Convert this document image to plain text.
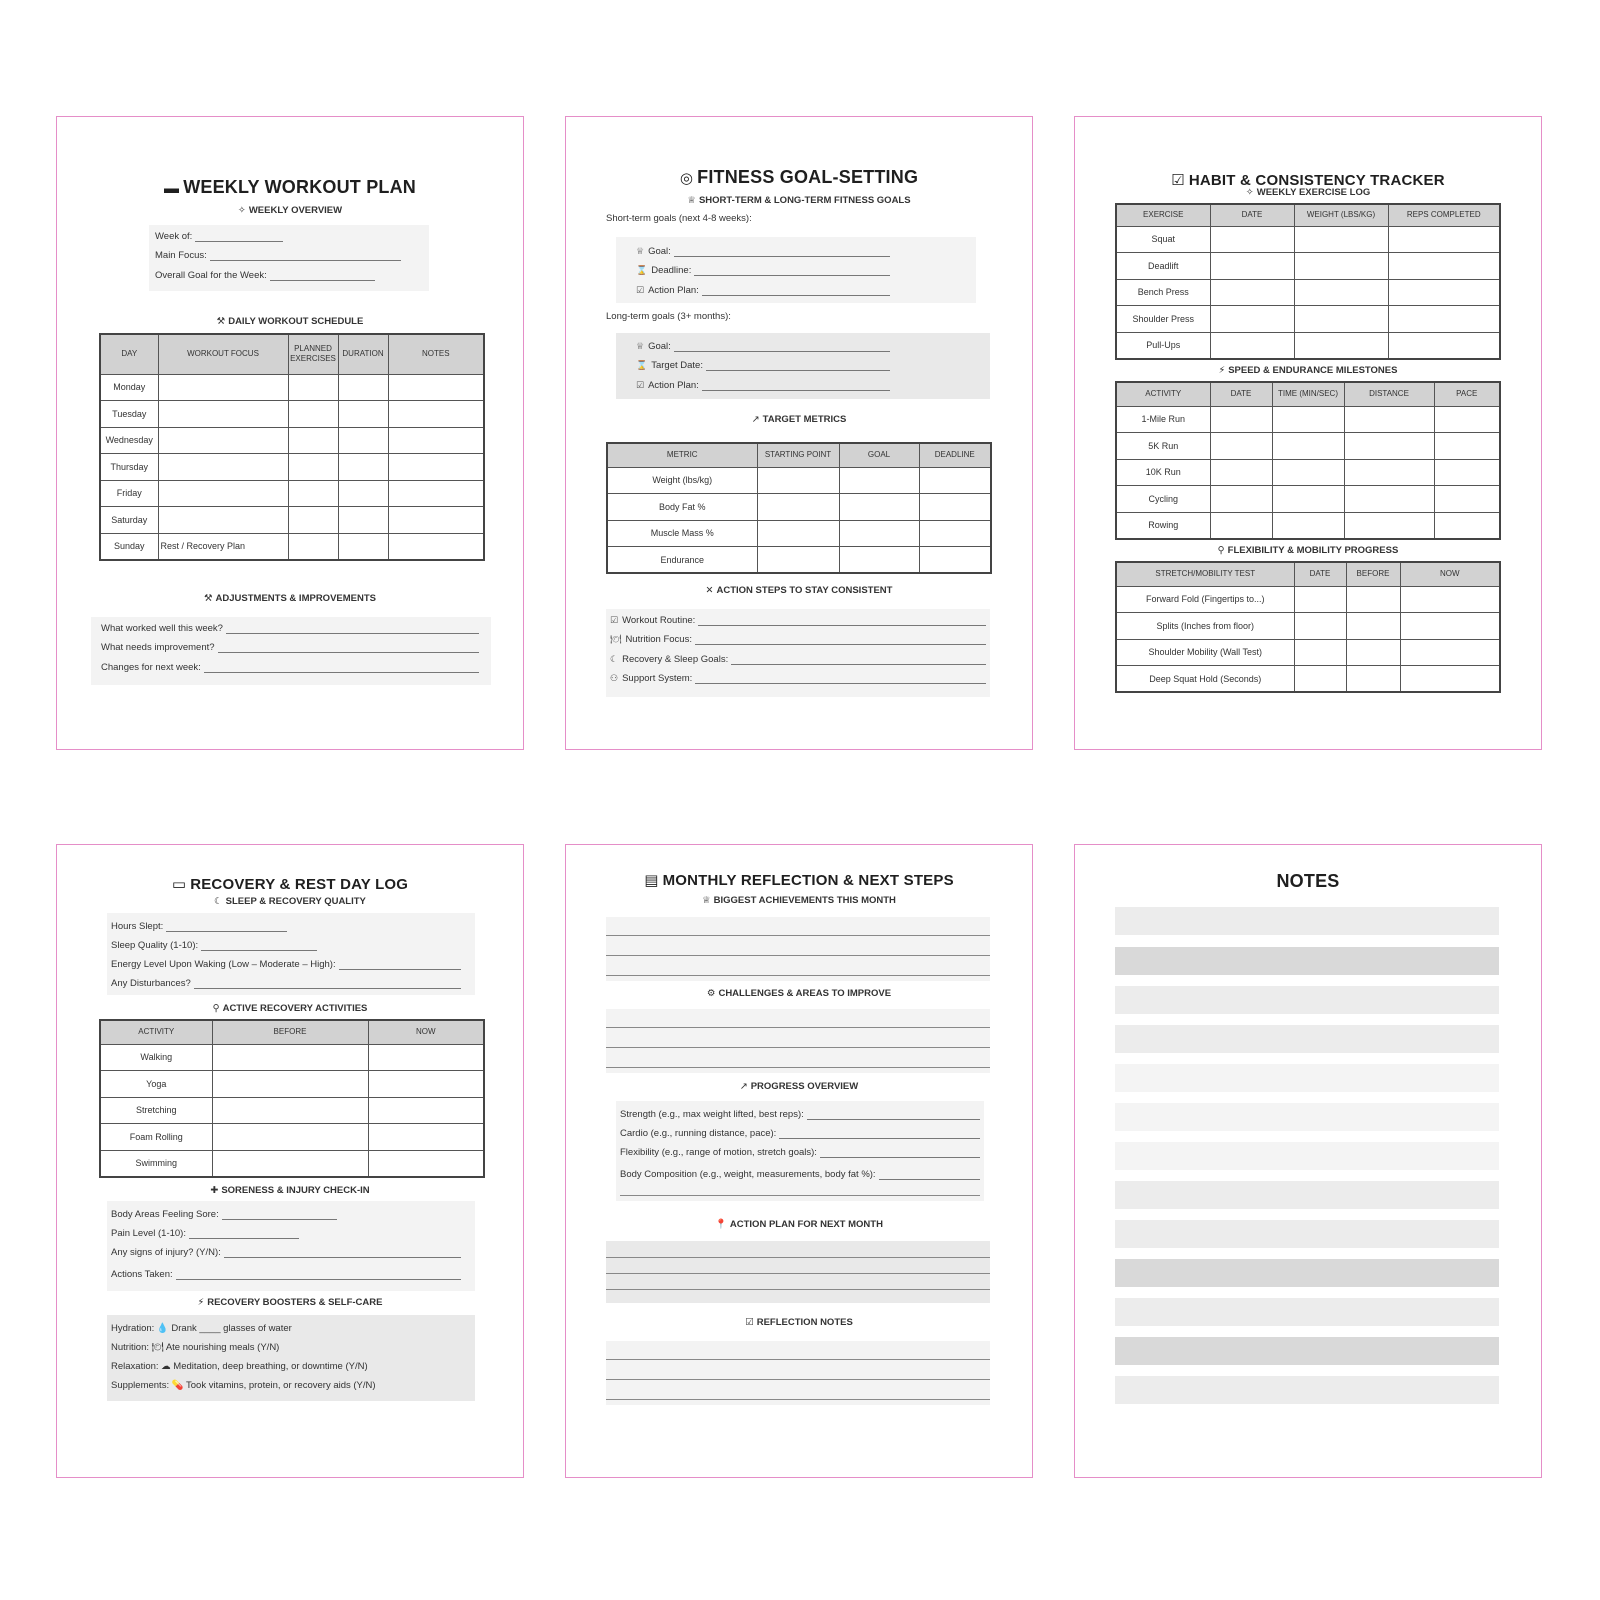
▬ WEEKLY WORKOUT PLAN
✧ WEEKLY OVERVIEW
Week of:
Main Focus:
Overall Goal for the Week:
⚒ DAILY WORKOUT SCHEDULE
DAY	WORKOUT FOCUS	PLANNED EXERCISES	DURATION	NOTES
Monday				
Tuesday				
Wednesday				
Thursday				
Friday				
Saturday				
Sunday	Rest / Recovery Plan			
⚒ ADJUSTMENTS & IMPROVEMENTS
What worked well this week?
What needs improvement?
Changes for next week:
◎ FITNESS GOAL-SETTING
♕ SHORT-TERM & LONG-TERM FITNESS GOALS
Short-term goals (next 4-8 weeks):
♕ Goal:
⌛ Deadline:
☑ Action Plan:
Long-term goals (3+ months):
♕ Goal:
⌛ Target Date:
☑ Action Plan:
↗ TARGET METRICS
METRIC	STARTING POINT	GOAL	DEADLINE
Weight (lbs/kg)			
Body Fat %			
Muscle Mass %			
Endurance			
✕ ACTION STEPS TO STAY CONSISTENT
☑ Workout Routine:
🍽 Nutrition Focus:
☾ Recovery & Sleep Goals:
⚇ Support System:
☑ HABIT & CONSISTENCY TRACKER
✧ WEEKLY EXERCISE LOG
EXERCISE	DATE	WEIGHT (LBS/KG)	REPS COMPLETED
Squat			
Deadlift			
Bench Press			
Shoulder Press			
Pull-Ups			
⚡ SPEED & ENDURANCE MILESTONES
ACTIVITY	DATE	TIME (MIN/SEC)	DISTANCE	PACE
1-Mile Run				
5K Run				
10K Run				
Cycling				
Rowing				
⚲ FLEXIBILITY & MOBILITY PROGRESS
STRETCH/MOBILITY TEST	DATE	BEFORE	NOW
Forward Fold (Fingertips to...)			
Splits (Inches from floor)			
Shoulder Mobility (Wall Test)			
Deep Squat Hold (Seconds)			
▭ RECOVERY & REST DAY LOG
☾ SLEEP & RECOVERY QUALITY
Hours Slept:
Sleep Quality (1-10):
Energy Level Upon Waking (Low – Moderate – High):
Any Disturbances?
⚲ ACTIVE RECOVERY ACTIVITIES
ACTIVITY	BEFORE	NOW
Walking		
Yoga		
Stretching		
Foam Rolling		
Swimming		
✚ SORENESS & INJURY CHECK-IN
Body Areas Feeling Sore:
Pain Level (1-10):
Any signs of injury? (Y/N):
Actions Taken:
⚡ RECOVERY BOOSTERS & SELF-CARE
Hydration: 💧 Drank ____ glasses of water
Nutrition: 🍽 Ate nourishing meals (Y/N)
Relaxation: ☁ Meditation, deep breathing, or downtime (Y/N)
Supplements: 💊 Took vitamins, protein, or recovery aids (Y/N)
▤ MONTHLY REFLECTION & NEXT STEPS
♕ BIGGEST ACHIEVEMENTS THIS MONTH
⚙ CHALLENGES & AREAS TO IMPROVE
↗ PROGRESS OVERVIEW
Strength (e.g., max weight lifted, best reps):
Cardio (e.g., running distance, pace):
Flexibility (e.g., range of motion, stretch goals):
Body Composition (e.g., weight, measurements, body fat %):
📍 ACTION PLAN FOR NEXT MONTH
☑ REFLECTION NOTES
NOTES
